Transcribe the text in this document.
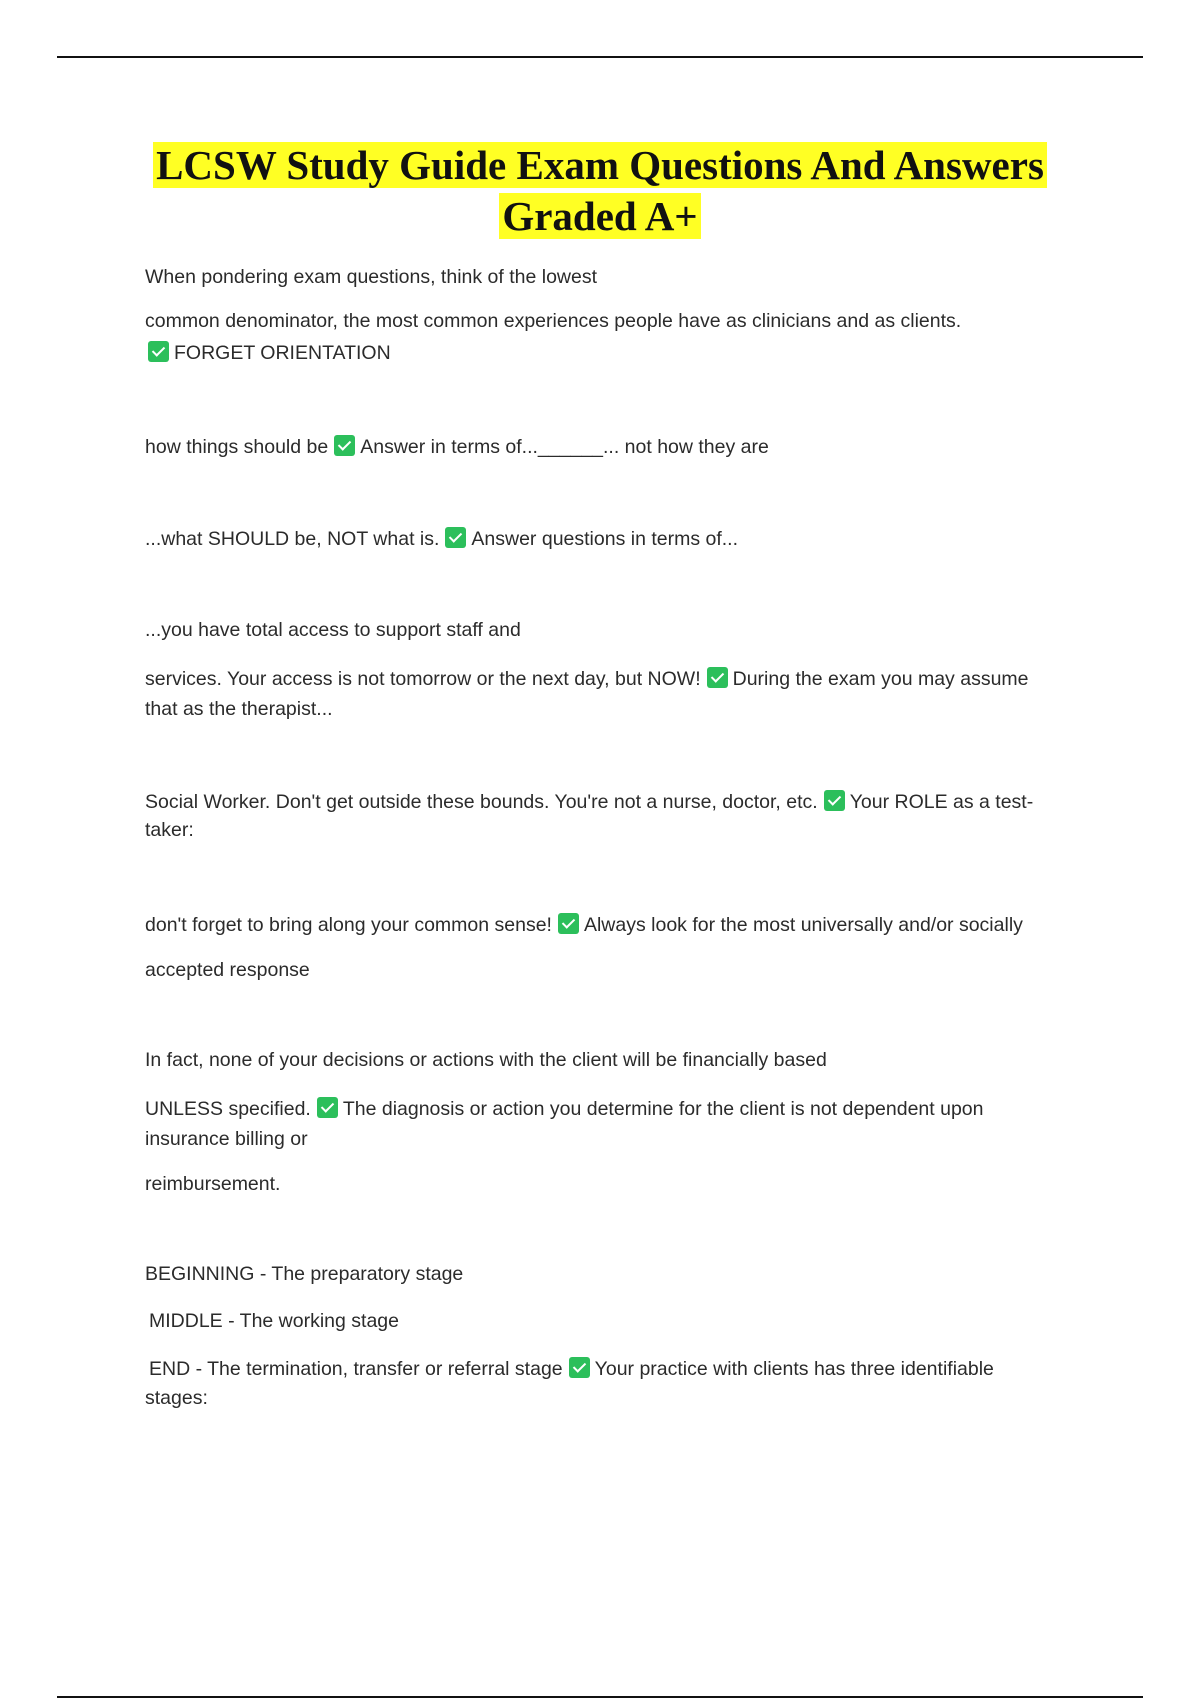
LCSW Study Guide Exam Questions And Answers
Graded A+
When pondering exam questions, think of the lowest
common denominator, the most common experiences people have as clinicians and as clients.
FORGET ORIENTATION
how things should be Answer in terms of...______... not how they are
...what SHOULD be, NOT what is. Answer questions in terms of...
...you have total access to support staff and
services. Your access is not tomorrow or the next day, but NOW! During the exam you may assume
that as the therapist...
Social Worker. Don't get outside these bounds. You're not a nurse, doctor, etc. Your ROLE as a test-
taker:
don't forget to bring along your common sense! Always look for the most universally and/or socially
accepted response
In fact, none of your decisions or actions with the client will be financially based
UNLESS specified. The diagnosis or action you determine for the client is not dependent upon
insurance billing or
reimbursement.
BEGINNING - The preparatory stage
MIDDLE - The working stage
END - The termination, transfer or referral stage Your practice with clients has three identifiable
stages:
